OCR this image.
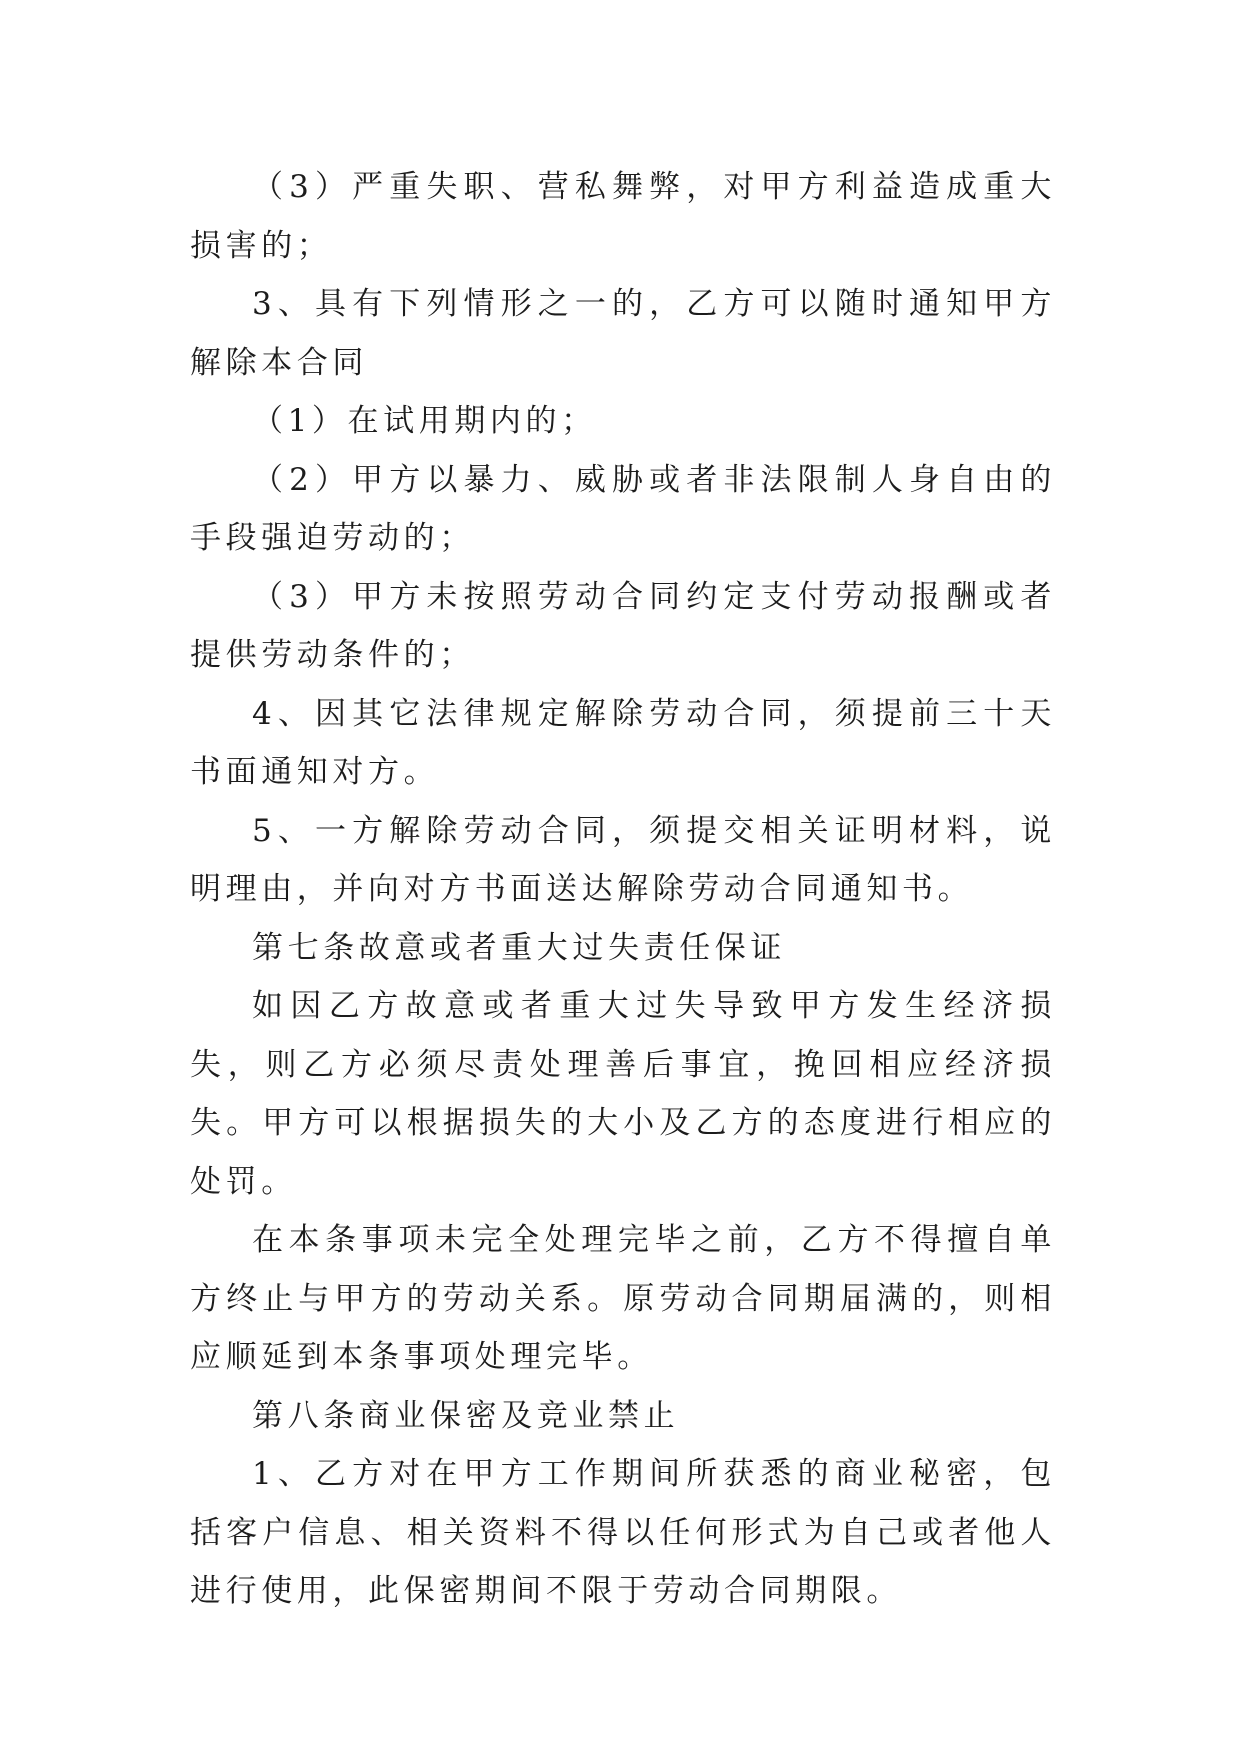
（3）严重失职、营私舞弊，对甲方利益造成重大损害的；

3、具有下列情形之一的，乙方可以随时通知甲方解除本合同

（1）在试用期内的；

（2）甲方以暴力、威胁或者非法限制人身自由的手段强迫劳动的；

（3）甲方未按照劳动合同约定支付劳动报酬或者提供劳动条件的；

4、因其它法律规定解除劳动合同，须提前三十天书面通知对方。

5、一方解除劳动合同，须提交相关证明材料，说明理由，并向对方书面送达解除劳动合同通知书。

第七条故意或者重大过失责任保证

如因乙方故意或者重大过失导致甲方发生经济损失，则乙方必须尽责处理善后事宜，挽回相应经济损失。甲方可以根据损失的大小及乙方的态度进行相应的处罚。

在本条事项未完全处理完毕之前，乙方不得擅自单方终止与甲方的劳动关系。原劳动合同期届满的，则相应顺延到本条事项处理完毕。

第八条商业保密及竞业禁止

1、乙方对在甲方工作期间所获悉的商业秘密，包括客户信息、相关资料不得以任何形式为自己或者他人进行使用，此保密期间不限于劳动合同期限。
